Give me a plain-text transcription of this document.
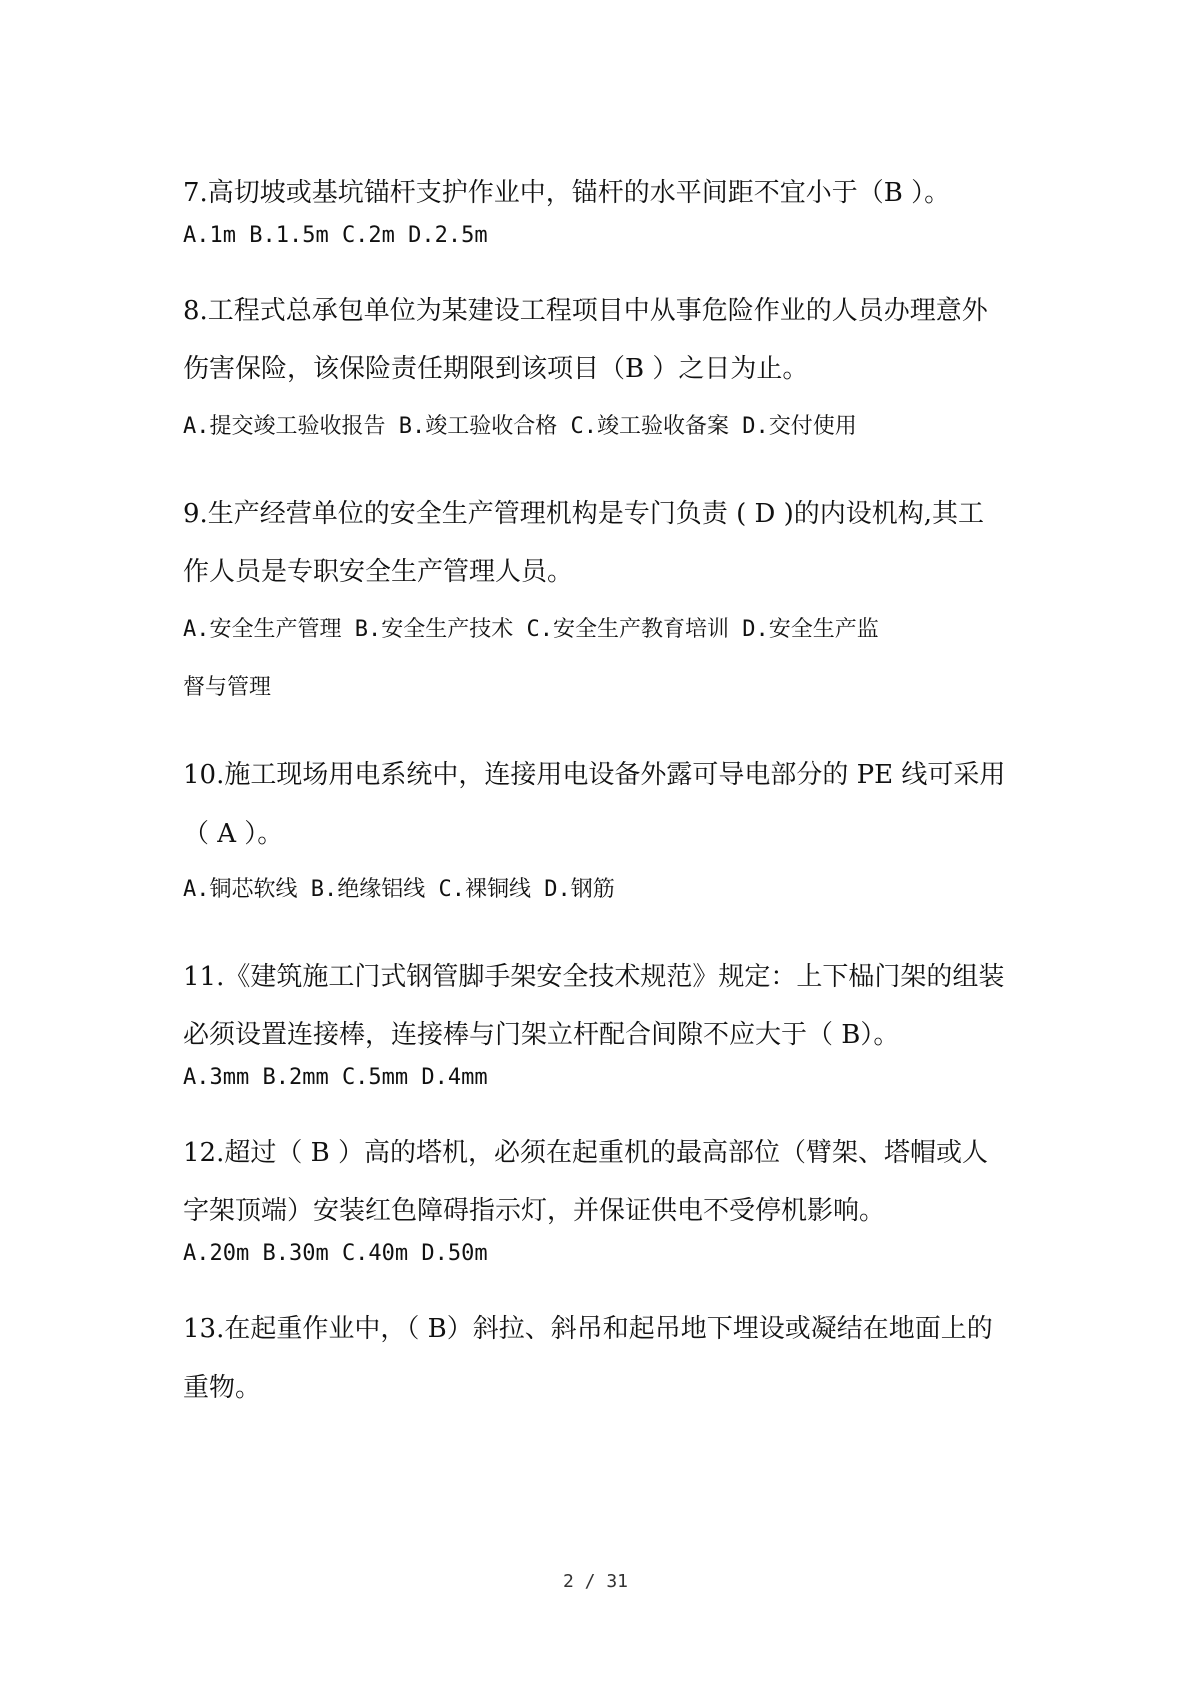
7.高切坡或基坑锚杆支护作业中，锚杆的水平间距不宜小于（B ）。
A.1m B.1.5m C.2m D.2.5m
8.工程式总承包单位为某建设工程项目中从事危险作业的人员办理意外
伤害保险，该保险责任期限到该项目（B ）之日为止。
A.提交竣工验收报告 B.竣工验收合格 C.竣工验收备案 D.交付使用
9.生产经营单位的安全生产管理机构是专门负责 ( D )的内设机构,其工
作人员是专职安全生产管理人员。
A.安全生产管理 B.安全生产技术 C.安全生产教育培训 D.安全生产监
督与管理
10.施工现场用电系统中，连接用电设备外露可导电部分的 PE 线可采用
（ A ）。
A.铜芯软线 B.绝缘铝线 C.裸铜线 D.钢筋
11.《建筑施工门式钢管脚手架安全技术规范》规定：上下榀门架的组装
必须设置连接棒，连接棒与门架立杆配合间隙不应大于（ B）。
A.3mm B.2mm C.5mm D.4mm
12.超过（ B ）高的塔机，必须在起重机的最高部位（臂架、塔帽或人
字架顶端）安装红色障碍指示灯，并保证供电不受停机影响。
A.20m B.30m C.40m D.50m
13.在起重作业中，（ B）斜拉、斜吊和起吊地下埋设或凝结在地面上的
重物。
2 / 31
